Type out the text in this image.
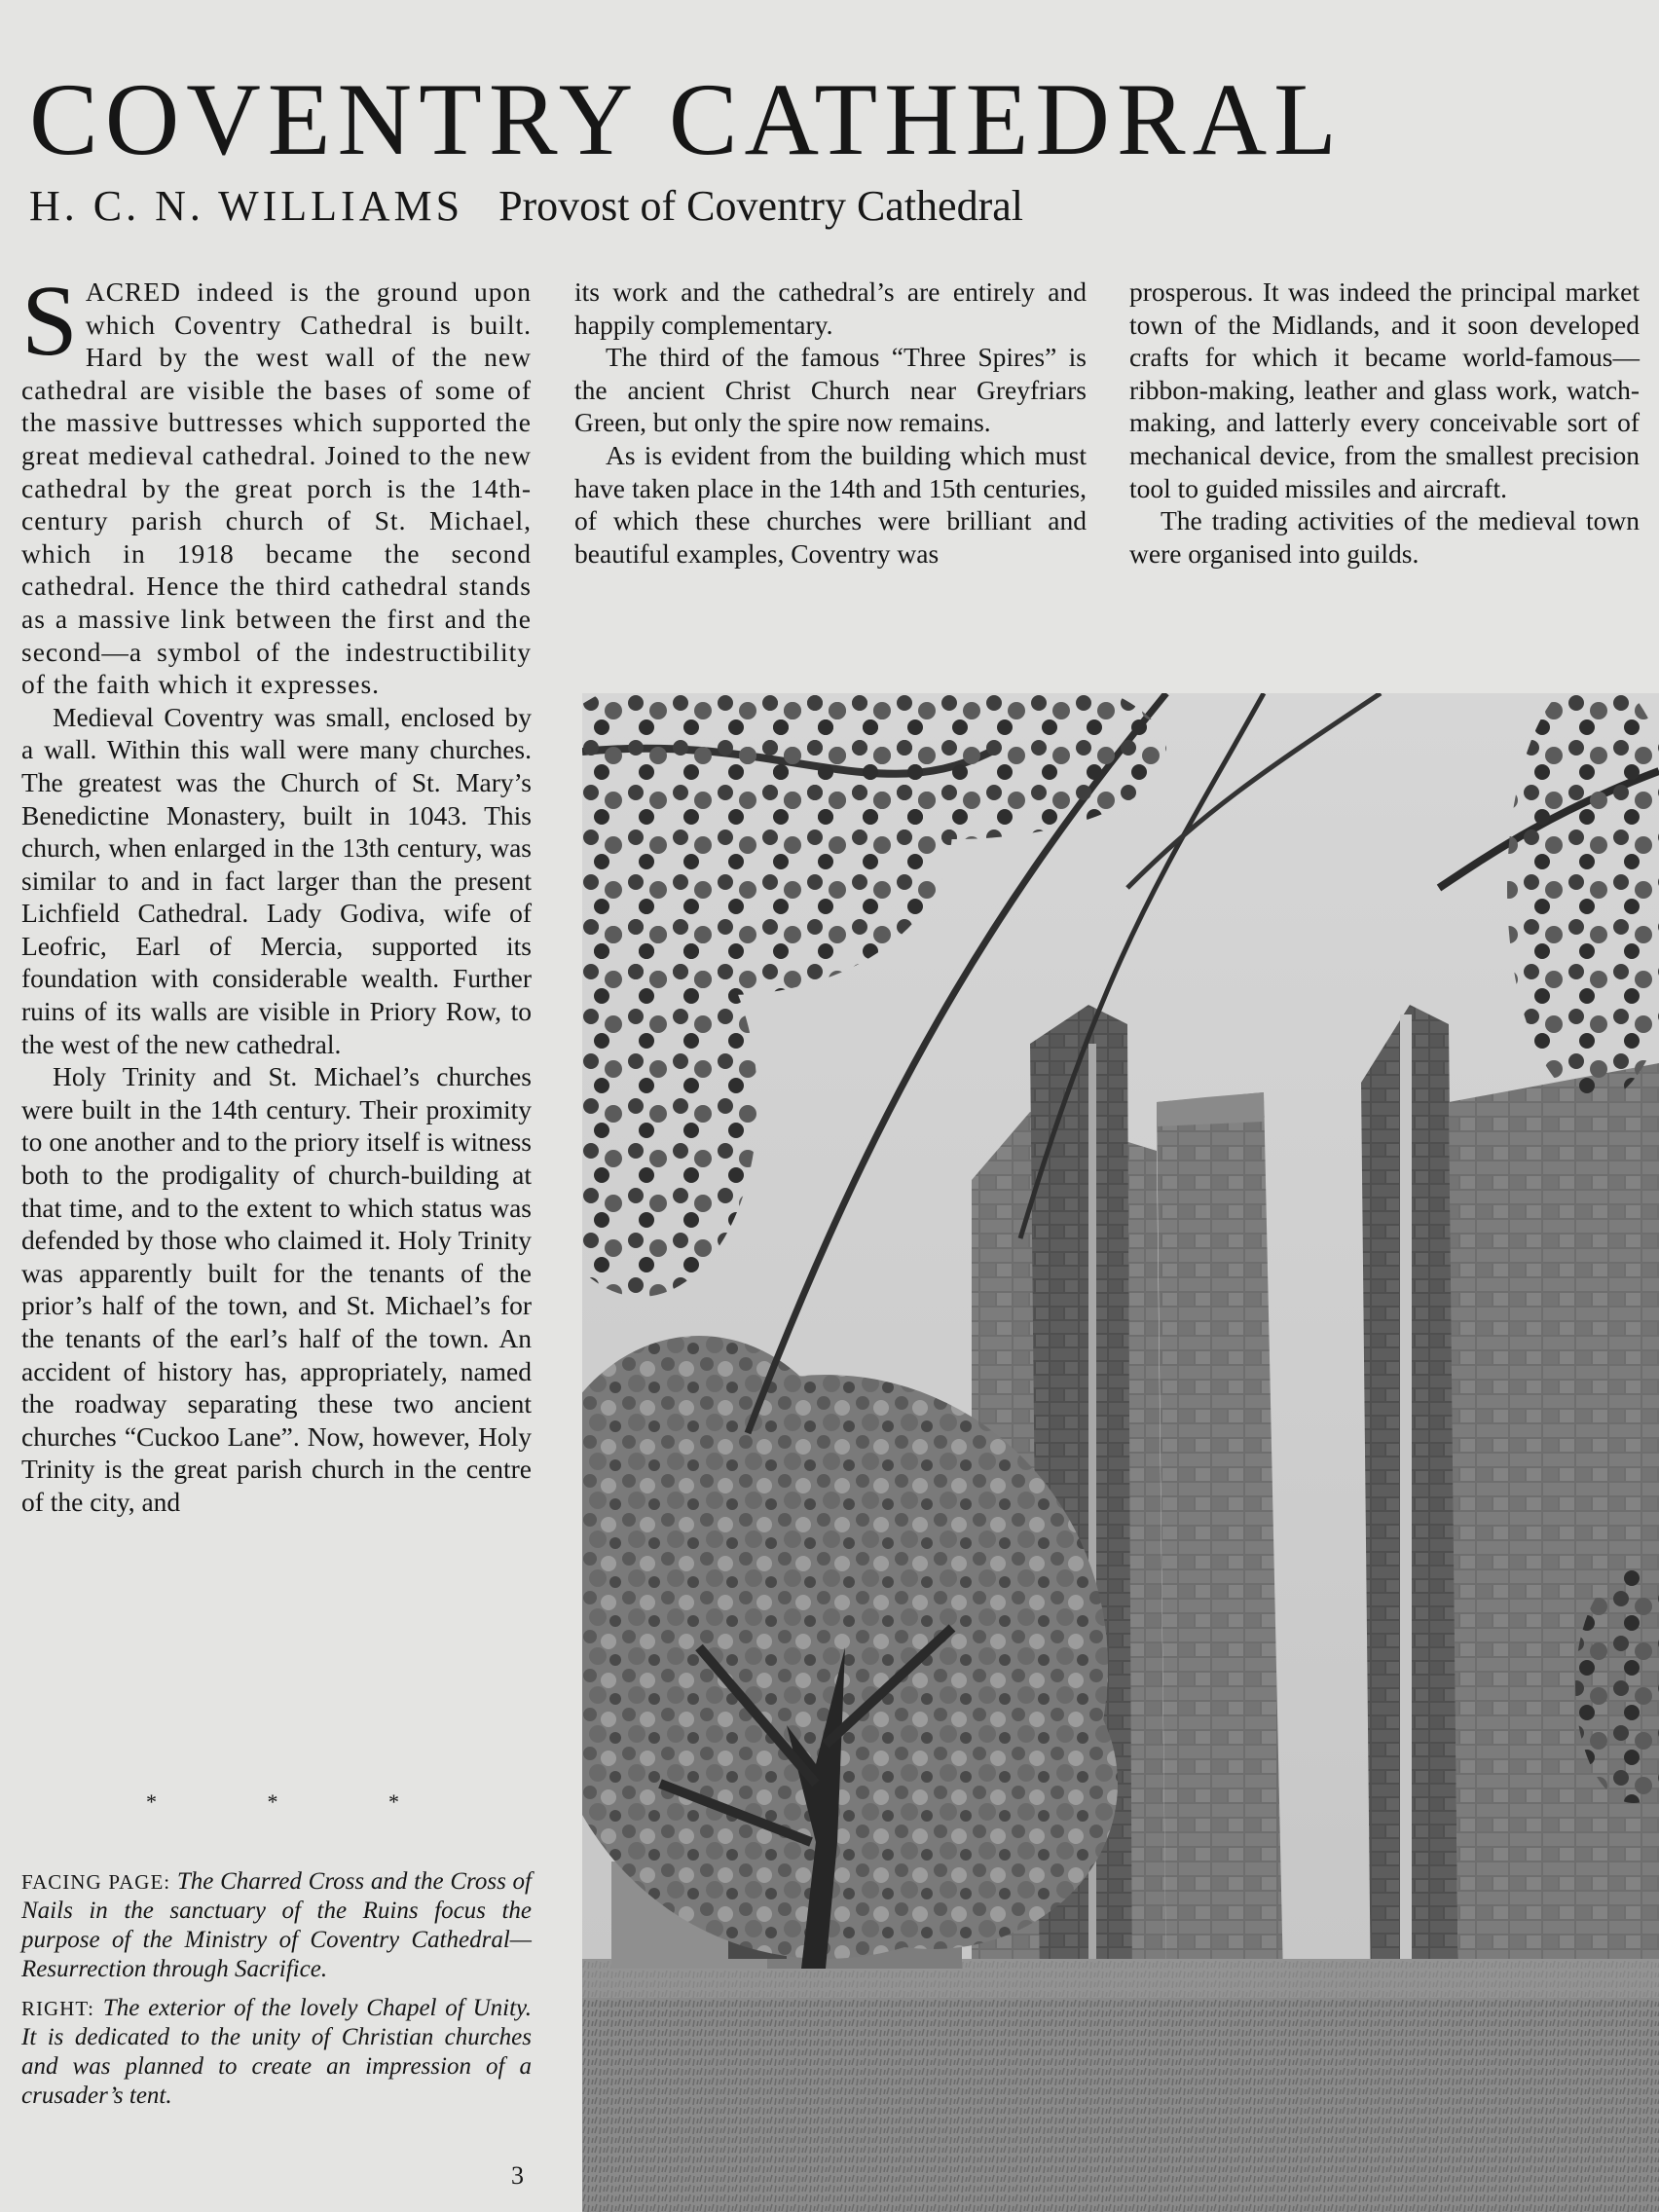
COVENTRY CATHEDRAL
H. C. N. WILLIAMS Provost of Coventry Cathedral

SACRED indeed is the ground upon which Coventry Cathedral is built. Hard by the west wall of the new cathedral are visible the bases of some of the massive buttresses which supported the great medieval cathedral. Joined to the new cathedral by the great porch is the 14th-century parish church of St. Michael, which in 1918 became the second cathedral. Hence the third cathedral stands as a massive link between the first and the second—a symbol of the indestructibility of the faith which it expresses.

Medieval Coventry was small, enclosed by a wall. Within this wall were many churches. The greatest was the Church of St. Mary’s Benedictine Monastery, built in 1043. This church, when enlarged in the 13th century, was similar to and in fact larger than the present Lichfield Cathedral. Lady Godiva, wife of Leofric, Earl of Mercia, supported its foundation with considerable wealth. Further ruins of its walls are visible in Priory Row, to the west of the new cathedral.

Holy Trinity and St. Michael’s churches were built in the 14th century. Their proximity to one another and to the priory itself is witness both to the prodigality of church-building at that time, and to the extent to which status was defended by those who claimed it. Holy Trinity was apparently built for the tenants of the prior’s half of the town, and St. Michael’s for the tenants of the earl’s half of the town. An accident of history has, appropriately, named the roadway separating these two ancient churches “Cuckoo Lane”. Now, however, Holy Trinity is the great parish church in the centre of the city, and

its work and the cathedral’s are entirely and happily complementary.

The third of the famous “Three Spires” is the ancient Christ Church near Greyfriars Green, but only the spire now remains.

As is evident from the building which must have taken place in the 14th and 15th centuries, of which these churches were brilliant and beautiful examples, Coventry was

prosperous. It was indeed the principal market town of the Midlands, and it soon developed crafts for which it became world-famous—ribbon-making, leather and glass work, watch-making, and latterly every conceivable sort of mechanical device, from the smallest precision tool to guided missiles and aircraft.

The trading activities of the medieval town were organised into guilds.

*	*	*

FACING PAGE: The Charred Cross and the Cross of Nails in the sanctuary of the Ruins focus the purpose of the Ministry of Coventry Cathedral—Resurrection through Sacrifice.

RIGHT: The exterior of the lovely Chapel of Unity. It is dedicated to the unity of Christian churches and was planned to create an impression of a crusader’s tent.

3
